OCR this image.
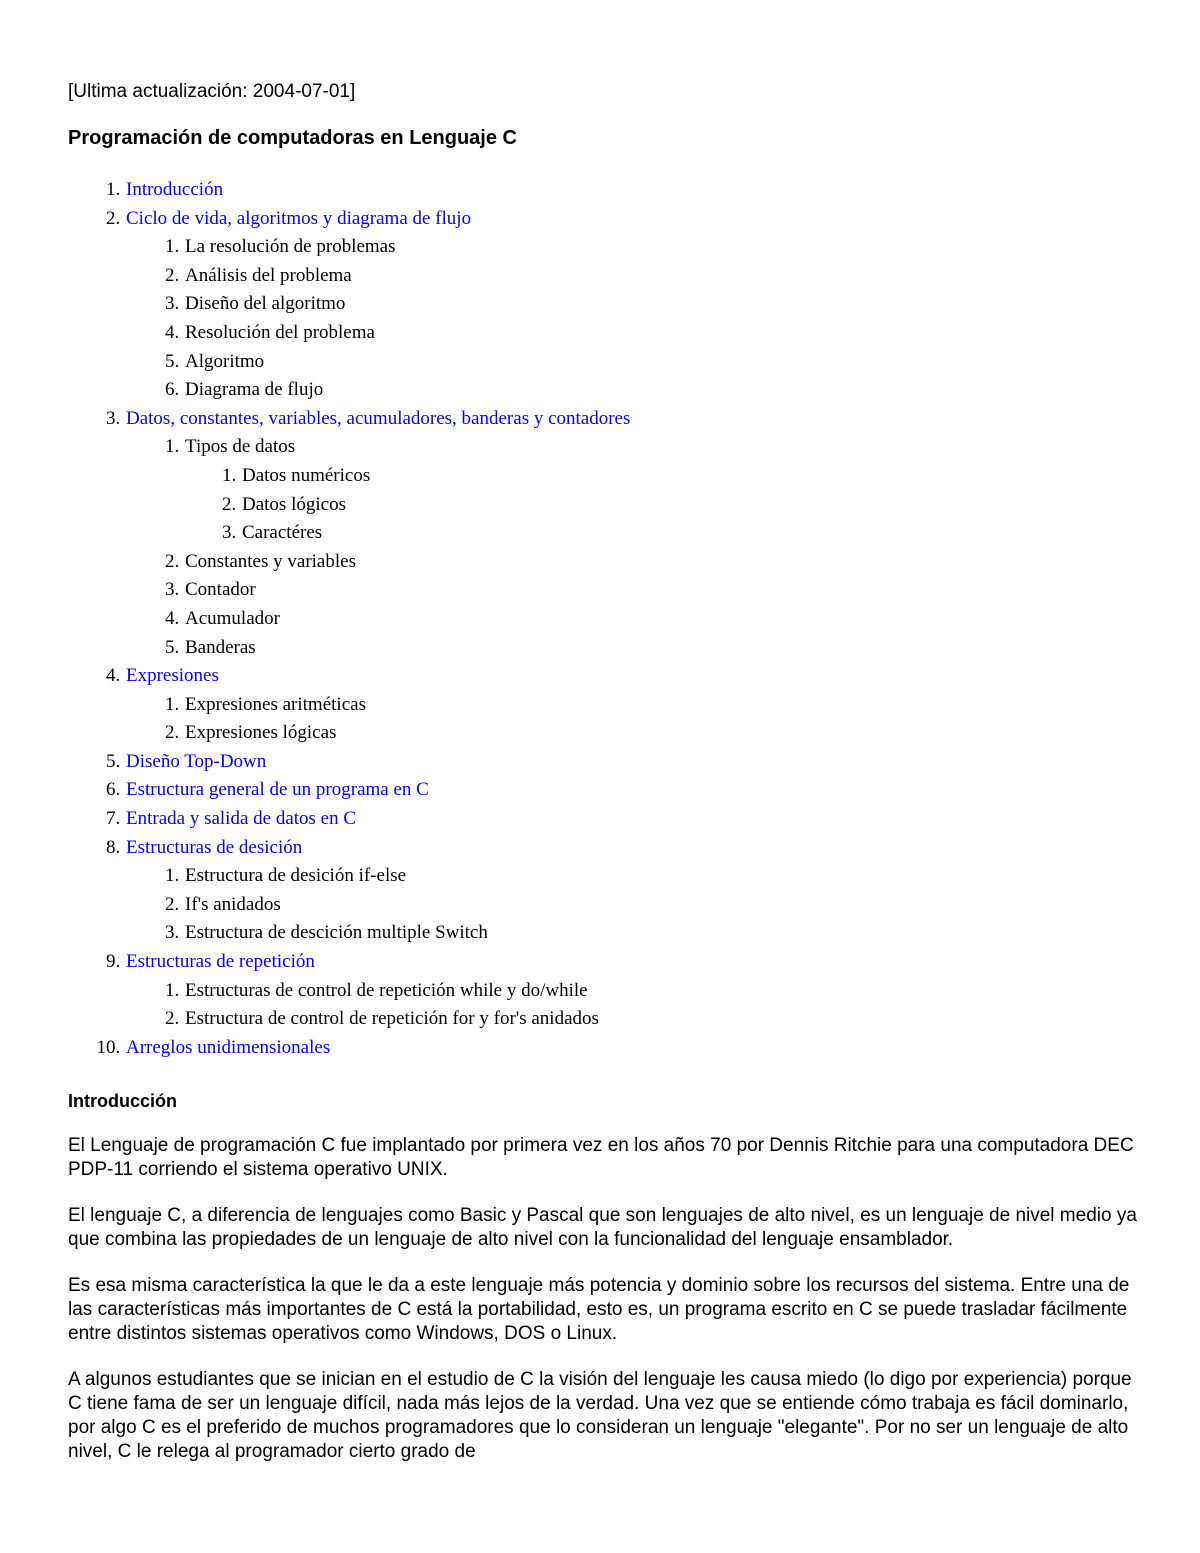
[Ultima actualización: 2004-07-01]
Programación de computadoras en Lenguaje C
1. Introducción
2. Ciclo de vida, algoritmos y diagrama de flujo
1. La resolución de problemas
2. Análisis del problema
3. Diseño del algoritmo
4. Resolución del problema
5. Algoritmo
6. Diagrama de flujo
3. Datos, constantes, variables, acumuladores, banderas y contadores
1. Tipos de datos
1. Datos numéricos
2. Datos lógicos
3. Caractéres
2. Constantes y variables
3. Contador
4. Acumulador
5. Banderas
4. Expresiones
1. Expresiones aritméticas
2. Expresiones lógicas
5. Diseño Top-Down
6. Estructura general de un programa en C
7. Entrada y salida de datos en C
8. Estructuras de desición
1. Estructura de desición if-else
2. If's anidados
3. Estructura de descición multiple Switch
9. Estructuras de repetición
1. Estructuras de control de repetición while y do/while
2. Estructura de control de repetición for y for's anidados
10. Arreglos unidimensionales
Introducción

El Lenguaje de programación C fue implantado por primera vez en los años 70 por Dennis Ritchie para una computadora DEC PDP-11 corriendo el sistema operativo UNIX.

El lenguaje C, a diferencia de lenguajes como Basic y Pascal que son lenguajes de alto nivel, es un lenguaje de nivel medio ya que combina las propiedades de un lenguaje de alto nivel con la funcionalidad del lenguaje ensamblador.

Es esa misma característica la que le da a este lenguaje más potencia y dominio sobre los recursos del sistema. Entre una de las características más importantes de C está la portabilidad, esto es, un programa escrito en C se puede trasladar fácilmente entre distintos sistemas operativos como Windows, DOS o Linux.

A algunos estudiantes que se inician en el estudio de C la visión del lenguaje les causa miedo (lo digo por experiencia) porque C tiene fama de ser un lenguaje difícil, nada más lejos de la verdad. Una vez que se entiende cómo trabaja es fácil dominarlo, por algo C es el preferido de muchos programadores que lo consideran un lenguaje "elegante". Por no ser un lenguaje de alto nivel, C le relega al programador cierto grado de
